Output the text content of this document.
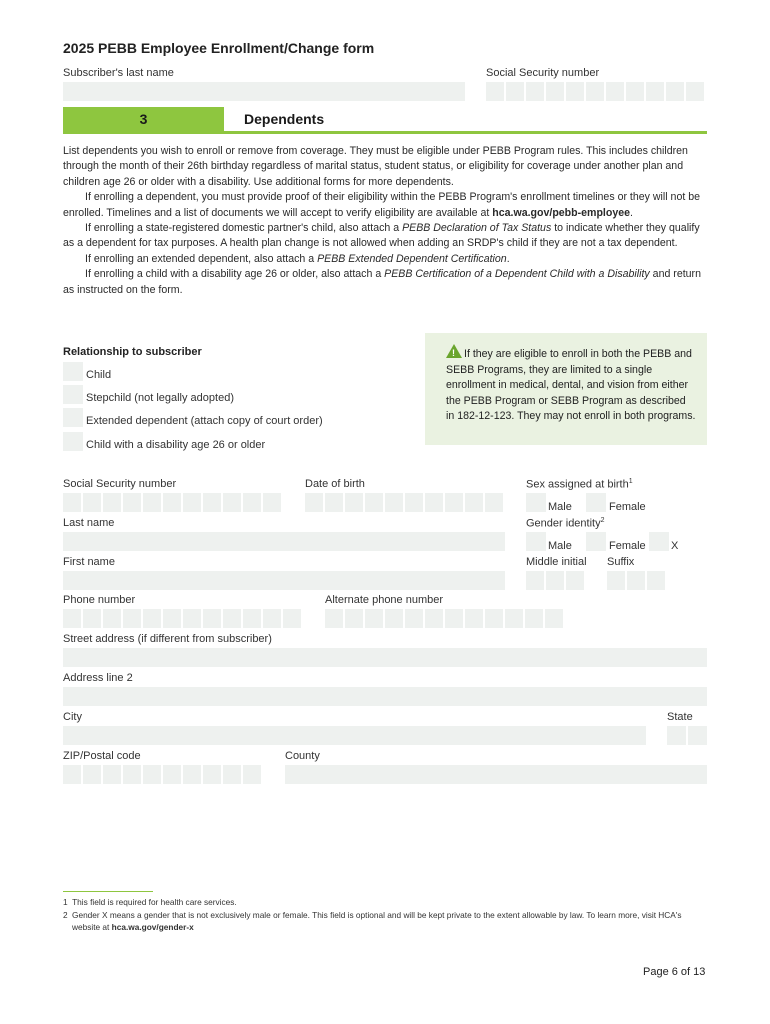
2025 PEBB Employee Enrollment/Change form
Subscriber's last name	Social Security number
3	Dependents

List dependents you wish to enroll or remove from coverage. They must be eligible under PEBB Program rules. This includes children through the month of their 26th birthday regardless of marital status, student status, or eligibility for coverage under another plan and children age 26 or older with a disability. Use additional forms for more dependents.

If enrolling a dependent, you must provide proof of their eligibility within the PEBB Program's enrollment timelines or they will not be enrolled. Timelines and a list of documents we will accept to verify eligibility are available at hca.wa.gov/pebb-employee.

If enrolling a state-registered domestic partner's child, also attach a PEBB Declaration of Tax Status to indicate whether they qualify as a dependent for tax purposes. A health plan change is not allowed when adding an SRDP's child if they are not a tax dependent.

If enrolling an extended dependent, also attach a PEBB Extended Dependent Certification.

If enrolling a child with a disability age 26 or older, also attach a PEBB Certification of a Dependent Child with a Disability and return as instructed on the form.

Relationship to subscriber
Child
Stepchild (not legally adopted)
Extended dependent (attach copy of court order)
Child with a disability age 26 or older
! If they are eligible to enroll in both the PEBB and SEBB Programs, they are limited to a single enrollment in medical, dental, and vision from either the PEBB Program or SEBB Program as described in 182-12-123. They may not enroll in both programs.
Social Security number	Date of birth	Sex assigned at birth$^1$
Male	Female
Last name	Gender identity$^2$
Male	Female X
First name	Middle initial Suffix
Phone number	Alternate phone number
Street address (if different from subscriber)
Address line 2
City	State
ZIP/Postal code	County
1 This field is required for health care services.
2 Gender X means a gender that is not exclusively male or female. This field is optional and will be kept private to the extent allowable by law. To learn more, visit HCA's website at hca.wa.gov/gender-x
Page 6 of 13
